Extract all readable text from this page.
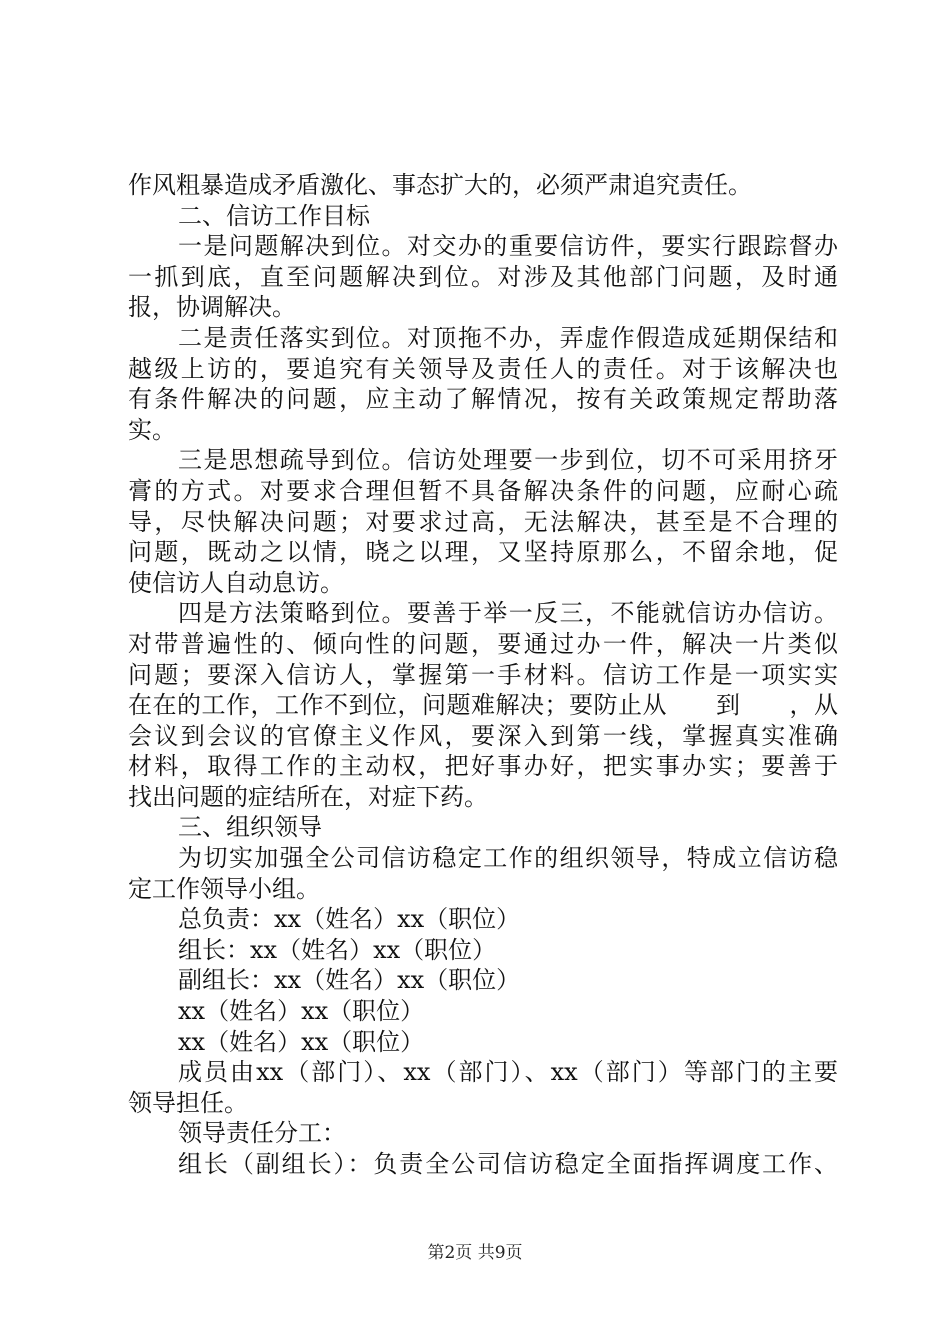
作风粗暴造成矛盾激化、事态扩大的，必须严肃追究责任。
二、信访工作目标
一是问题解决到位。对交办的重要信访件，要实行跟踪督办
一抓到底，直至问题解决到位。对涉及其他部门问题，及时通
报，协调解决。
二是责任落实到位。对顶拖不办，弄虚作假造成延期保结和
越级上访的，要追究有关领导及责任人的责任。对于该解决也
有条件解决的问题，应主动了解情况，按有关政策规定帮助落
实。
三是思想疏导到位。信访处理要一步到位，切不可采用挤牙
膏的方式。对要求合理但暂不具备解决条件的问题，应耐心疏
导，尽快解决问题；对要求过高，无法解决，甚至是不合理的
问题，既动之以情，晓之以理，又坚持原那么，不留余地，促
使信访人自动息访。
四是方法策略到位。要善于举一反三，不能就信访办信访。
对带普遍性的、倾向性的问题，要通过办一件，解决一片类似
问题；要深入信访人，掌握第一手材料。信访工作是一项实实
在在的工作，工作不到位，问题难解决；要防止从　　到　　，从
会议到会议的官僚主义作风，要深入到第一线，掌握真实准确
材料，取得工作的主动权，把好事办好，把实事办实；要善于
找出问题的症结所在，对症下药。
三、组织领导
为切实加强全公司信访稳定工作的组织领导，特成立信访稳
定工作领导小组。
总负责：xx（姓名）xx（职位）
组长：xx（姓名）xx（职位）
副组长：xx（姓名）xx（职位）
xx（姓名）xx（职位）
xx（姓名）xx（职位）
成员由xx（部门）、xx（部门）、xx（部门）等部门的主要
领导担任。
领导责任分工：
组长（副组长）：负责全公司信访稳定全面指挥调度工作、
第2页 共9页
